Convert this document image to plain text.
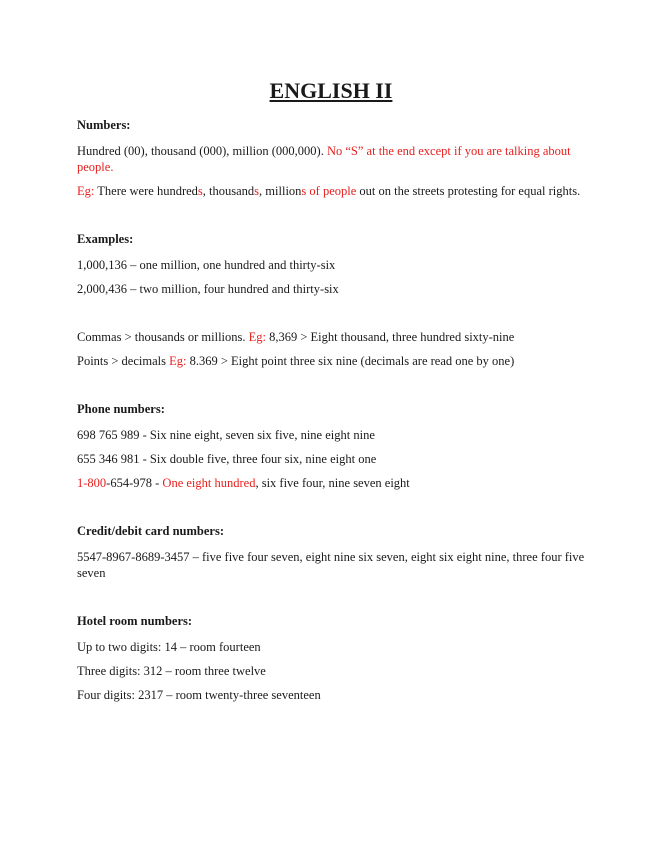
ENGLISH II
Numbers:

Hundred (00), thousand (000), million (000,000). No “S” at the end except if you are talking about people.

Eg: There were hundreds, thousands, millions of people out on the streets protesting for equal rights.

Examples:

1,000,136 – one million, one hundred and thirty-six

2,000,436 – two million, four hundred and thirty-six

Commas > thousands or millions. Eg: 8,369 > Eight thousand, three hundred sixty-nine

Points > decimals Eg: 8.369 > Eight point three six nine (decimals are read one by one)

Phone numbers:

698 765 989 - Six nine eight, seven six five, nine eight nine

655 346 981 - Six double five, three four six, nine eight one

1-800-654-978 - One eight hundred, six five four, nine seven eight

Credit/debit card numbers:

5547-8967-8689-3457 – five five four seven, eight nine six seven, eight six eight nine, three four five seven

Hotel room numbers:

Up to two digits: 14 – room fourteen

Three digits: 312 – room three twelve

Four digits: 2317 – room twenty-three seventeen
